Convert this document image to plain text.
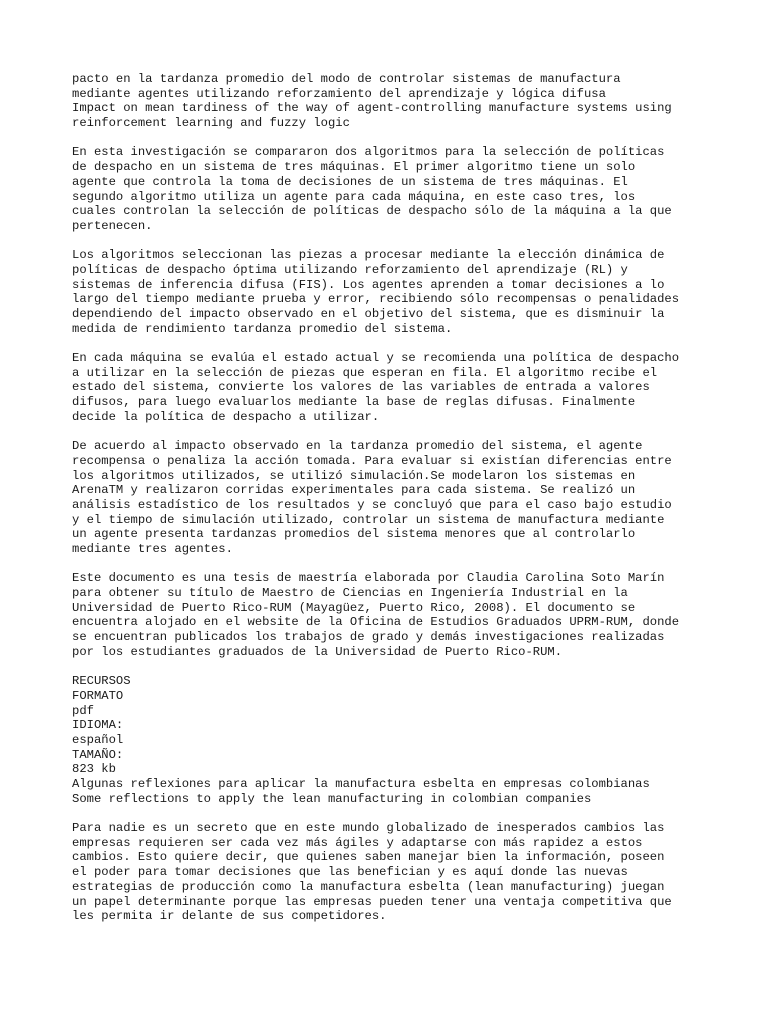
pacto en la tardanza promedio del modo de controlar sistemas de manufactura
mediante agentes utilizando reforzamiento del aprendizaje y lógica difusa
Impact on mean tardiness of the way of agent-controlling manufacture systems using
reinforcement learning and fuzzy logic
En esta investigación se compararon dos algoritmos para la selección de políticas
de despacho en un sistema de tres máquinas. El primer algoritmo tiene un solo
agente que controla la toma de decisiones de un sistema de tres máquinas. El
segundo algoritmo utiliza un agente para cada máquina, en este caso tres, los
cuales controlan la selección de políticas de despacho sólo de la máquina a la que
pertenecen.
Los algoritmos seleccionan las piezas a procesar mediante la elección dinámica de
políticas de despacho óptima utilizando reforzamiento del aprendizaje (RL) y
sistemas de inferencia difusa (FIS). Los agentes aprenden a tomar decisiones a lo
largo del tiempo mediante prueba y error, recibiendo sólo recompensas o penalidades
dependiendo del impacto observado en el objetivo del sistema, que es disminuir la
medida de rendimiento tardanza promedio del sistema.
En cada máquina se evalúa el estado actual y se recomienda una política de despacho
a utilizar en la selección de piezas que esperan en fila. El algoritmo recibe el
estado del sistema, convierte los valores de las variables de entrada a valores
difusos, para luego evaluarlos mediante la base de reglas difusas. Finalmente
decide la política de despacho a utilizar.
De acuerdo al impacto observado en la tardanza promedio del sistema, el agente
recompensa o penaliza la acción tomada. Para evaluar si existían diferencias entre
los algoritmos utilizados, se utilizó simulación.Se modelaron los sistemas en
ArenaTM y realizaron corridas experimentales para cada sistema. Se realizó un
análisis estadístico de los resultados y se concluyó que para el caso bajo estudio
y el tiempo de simulación utilizado, controlar un sistema de manufactura mediante
un agente presenta tardanzas promedios del sistema menores que al controlarlo
mediante tres agentes.
Este documento es una tesis de maestría elaborada por Claudia Carolina Soto Marín
para obtener su título de Maestro de Ciencias en Ingeniería Industrial en la
Universidad de Puerto Rico-RUM (Mayagüez, Puerto Rico, 2008). El documento se
encuentra alojado en el website de la Oficina de Estudios Graduados UPRM-RUM, donde
se encuentran publicados los trabajos de grado y demás investigaciones realizadas
por los estudiantes graduados de la Universidad de Puerto Rico-RUM.
RECURSOS
FORMATO
pdf
IDIOMA:
español
TAMAÑO:
823 kb
Algunas reflexiones para aplicar la manufactura esbelta en empresas colombianas
Some reflections to apply the lean manufacturing in colombian companies
Para nadie es un secreto que en este mundo globalizado de inesperados cambios las
empresas requieren ser cada vez más ágiles y adaptarse con más rapidez a estos
cambios. Esto quiere decir, que quienes saben manejar bien la información, poseen
el poder para tomar decisiones que las benefician y es aquí donde las nuevas
estrategias de producción como la manufactura esbelta (lean manufacturing) juegan
un papel determinante porque las empresas pueden tener una ventaja competitiva que
les permita ir delante de sus competidores.
